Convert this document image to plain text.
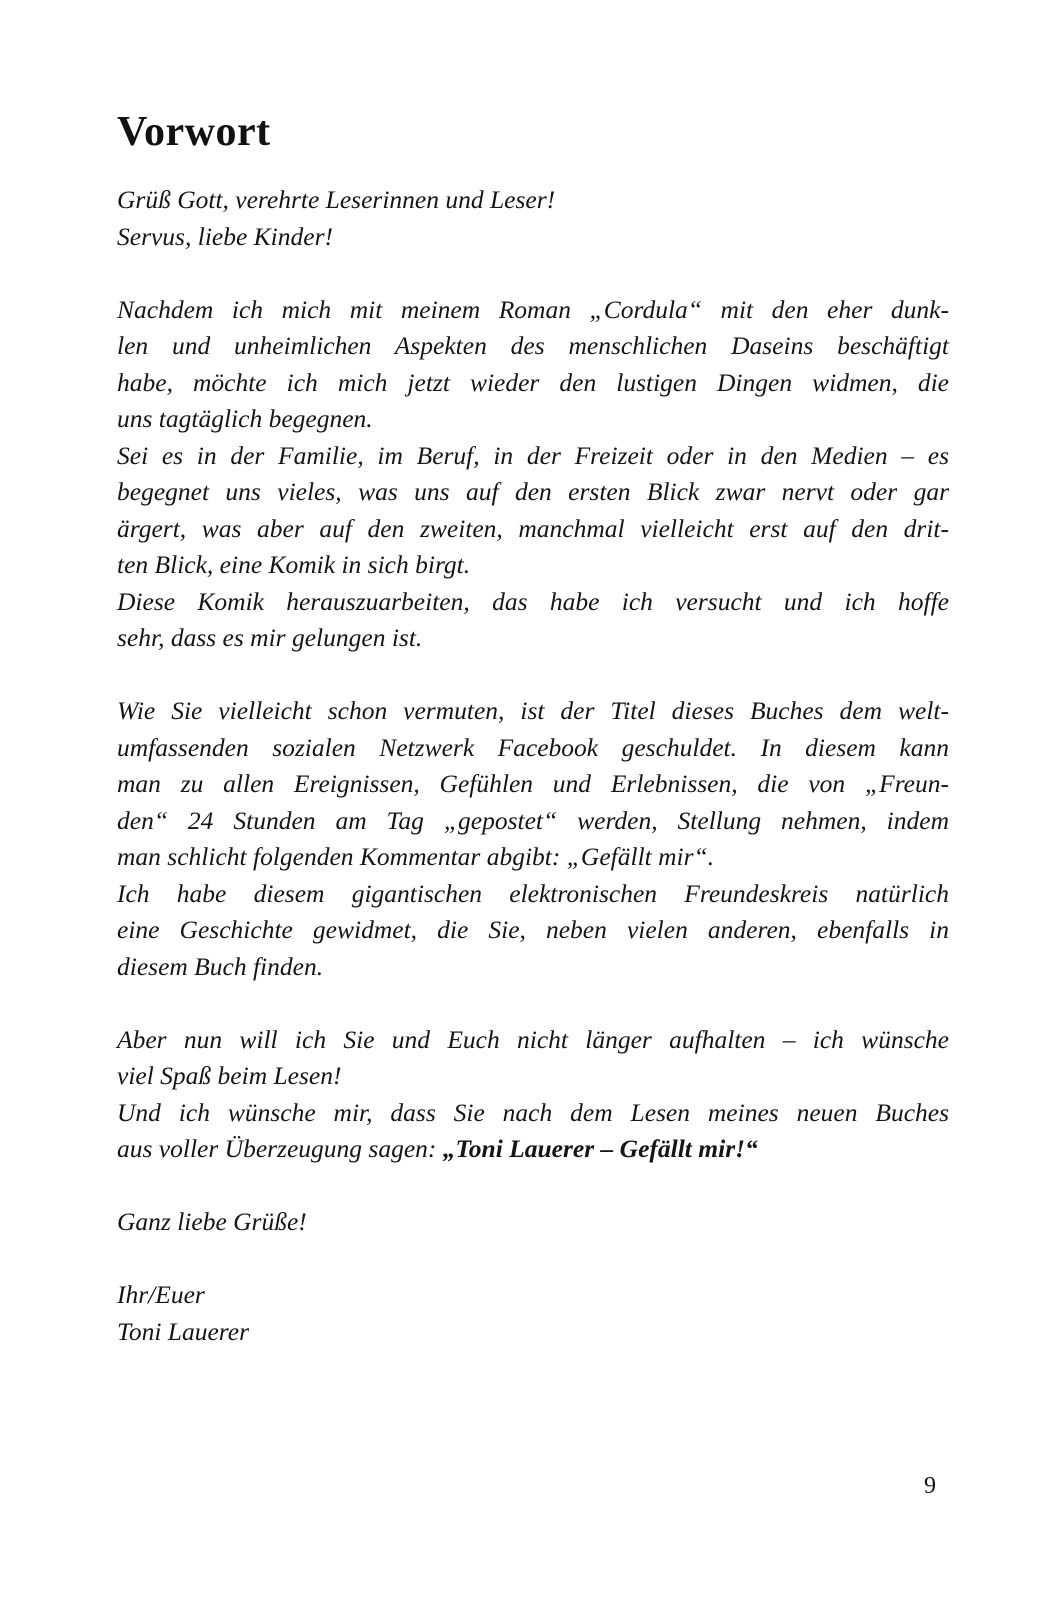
Vorwort
Grüß Gott, verehrte Leserinnen und Leser!
Servus, liebe Kinder!
Nachdem ich mich mit meinem Roman „Cordula“ mit den eher dunk-
len und unheimlichen Aspekten des menschlichen Daseins beschäftigt
habe, möchte ich mich jetzt wieder den lustigen Dingen widmen, die
uns tagtäglich begegnen.
Sei es in der Familie, im Beruf, in der Freizeit oder in den Medien – es
begegnet uns vieles, was uns auf den ersten Blick zwar nervt oder gar
ärgert, was aber auf den zweiten, manchmal vielleicht erst auf den drit-
ten Blick, eine Komik in sich birgt.
Diese Komik herauszuarbeiten, das habe ich versucht und ich hoffe
sehr, dass es mir gelungen ist.
Wie Sie vielleicht schon vermuten, ist der Titel dieses Buches dem welt-
umfassenden sozialen Netzwerk Facebook geschuldet. In diesem kann
man zu allen Ereignissen, Gefühlen und Erlebnissen, die von „Freun-
den“ 24 Stunden am Tag „gepostet“ werden, Stellung nehmen, indem
man schlicht folgenden Kommentar abgibt: „Gefällt mir“.
Ich habe diesem gigantischen elektronischen Freundeskreis natürlich
eine Geschichte gewidmet, die Sie, neben vielen anderen, ebenfalls in
diesem Buch finden.
Aber nun will ich Sie und Euch nicht länger aufhalten – ich wünsche
viel Spaß beim Lesen!
Und ich wünsche mir, dass Sie nach dem Lesen meines neuen Buches
aus voller Überzeugung sagen: „Toni Lauerer – Gefällt mir!“
Ganz liebe Grüße!
Ihr/Euer
Toni Lauerer
9
